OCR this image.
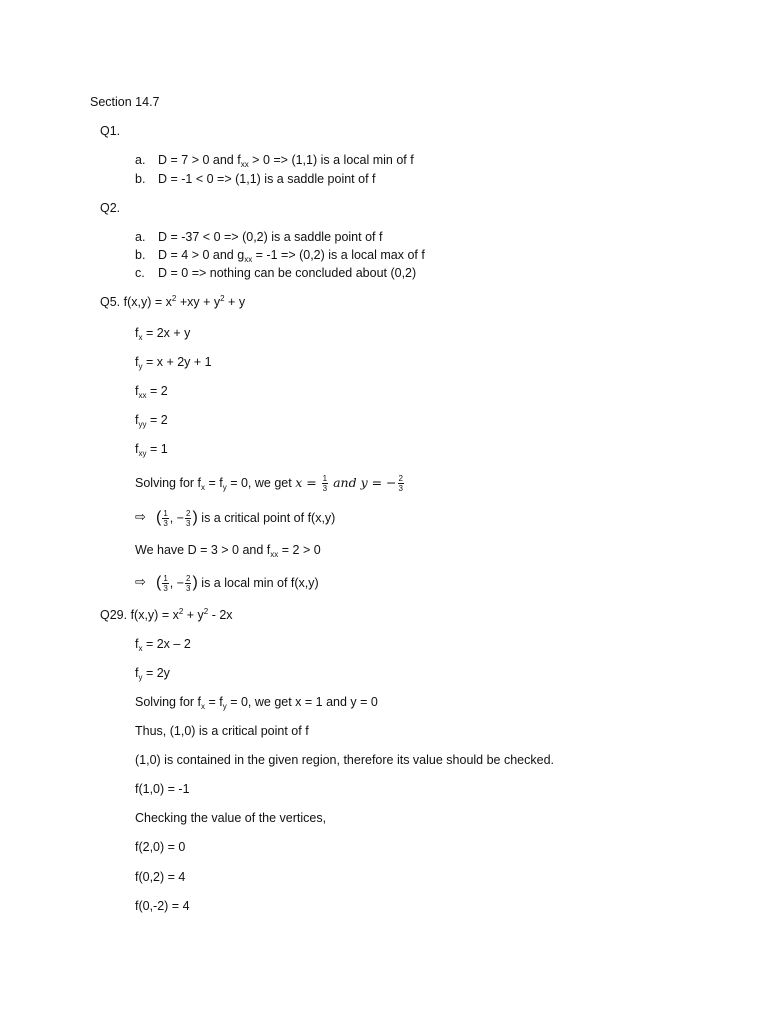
Section 14.7
Q1.
a. D = 7 > 0 and $f_{xx} > 0 => (1,1)$ is a local min of f
b. D = -1 < 0 => (1,1) is a saddle point of f
Q2.
a. D = -37 < 0 => (0,2) is a saddle point of f
b. D = 4 > 0 and $g_{xx} = -1 => (0,2)$ is a local max of f
c. D = 0 => nothing can be concluded about (0,2)
Q5. $f(x,y) = x^2 +xy + y^2 + y$
$f_x = 2x + y$
$f_y = x + 2y + 1$
$f_{xx} = 2$
$f_{yy} = 2$
$f_{xy} = 1$
Solving for $f_x = f_y = 0$, we get $x = \frac{1}{3}$ and y = − $\frac{2}{3}$
⇨ ( $\frac{1}{3}$ , − $\frac{2}{3}$ ) is a critical point of f(x,y)
We have D = 3 > 0 and $f_{xx} = 2 > 0$
⇨ ( $\frac{1}{3}$ , − $\frac{2}{3}$ ) is a local min of f(x,y)
Q29. $f(x,y) = x^2 + y^2 - 2x$
$f_x = 2x - 2$
$f_y = 2y$
Solving for $f_x = f_y = 0$, we get x = 1 and y = 0
Thus, (1,0) is a critical point of f
(1,0) is contained in the given region, therefore its value should be checked.
f(1,0) = -1
Checking the value of the vertices,
f(2,0) = 0
f(0,2) = 4
f(0,-2) = 4
